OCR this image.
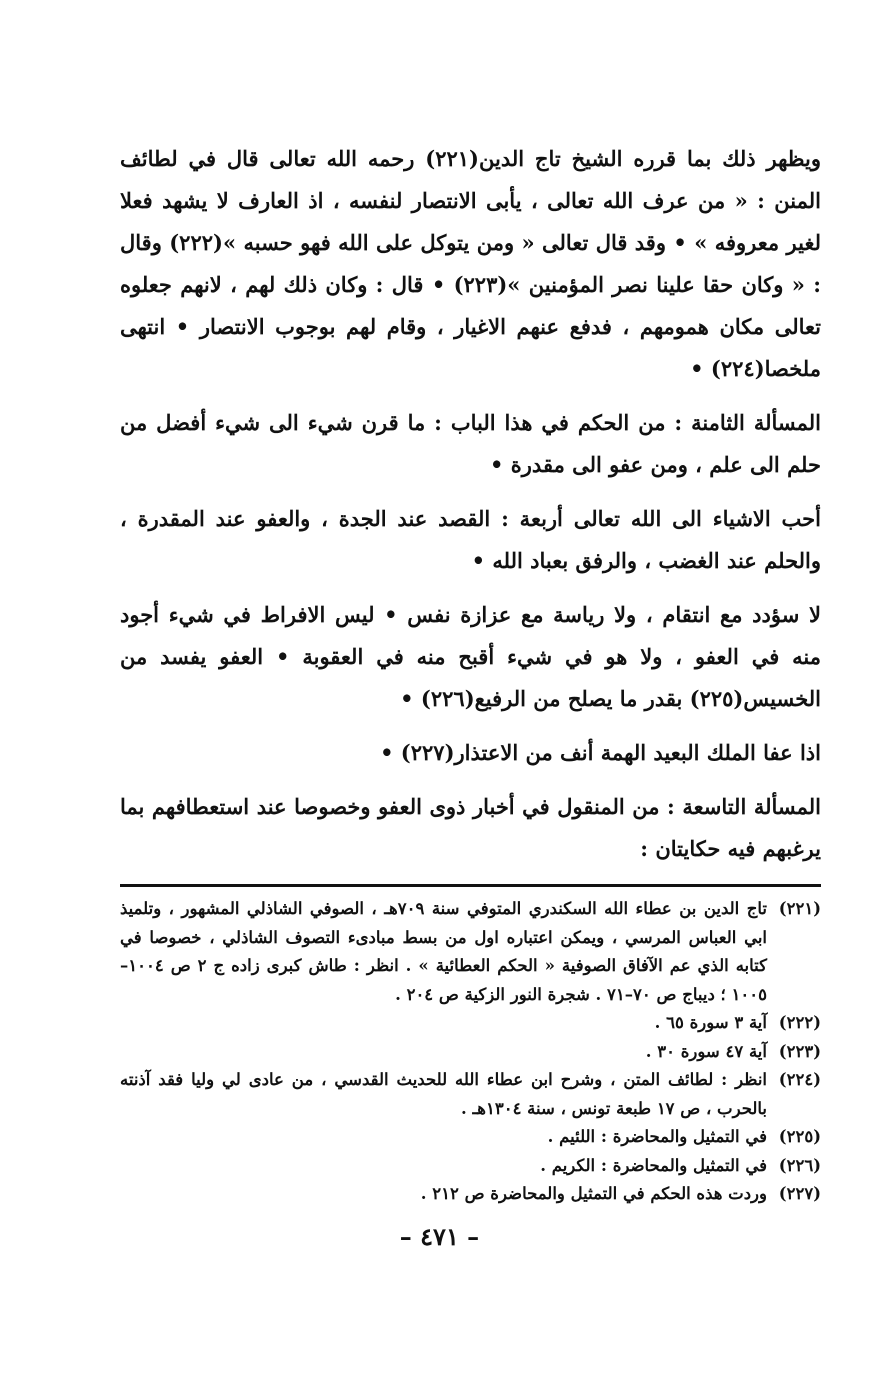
ويظهر ذلك بما قرره الشيخ تاج الدين(٢٢١) رحمه الله تعالى قال في لطائف المنن : « من عرف الله تعالى ، يأبى الانتصار لنفسه ، اذ العارف لا يشهد فعلا لغير معروفه » • وقد قال تعالى « ومن يتوكل على الله فهو حسبه »(٢٢٢) وقال : « وكان حقا علينا نصر المؤمنين »(٢٢٣) • قال : وكان ذلك لهم ، لانهم جعلوه تعالى مكان همومهم ، فدفع عنهم الاغيار ، وقام لهم بوجوب الانتصار • انتهى ملخصا(٢٢٤) •

المسألة الثامنة : من الحكم في هذا الباب : ما قرن شيء الى شيء أفضل من حلم الى علم ، ومن عفو الى مقدرة •

أحب الاشياء الى الله تعالى أربعة : القصد عند الجدة ، والعفو عند المقدرة ، والحلم عند الغضب ، والرفق بعباد الله •

لا سؤدد مع انتقام ، ولا رياسة مع عزازة نفس • ليس الافراط في شيء أجود منه في العفو ، ولا هو في شيء أقبح منه في العقوبة • العفو يفسد من الخسيس(٢٢٥) بقدر ما يصلح من الرفيع(٢٢٦) •

اذا عفا الملك البعيد الهمة أنف من الاعتذار(٢٢٧) •

المسألة التاسعة : من المنقول في أخبار ذوى العفو وخصوصا عند استعطافهم بما يرغبهم فيه حكايتان :

(٢٢١)
تاج الدين بن عطاء الله السكندري المتوفي سنة ٧٠٩هـ ، الصوفي الشاذلي المشهور ، وتلميذ ابي العباس المرسي ، ويمكن اعتباره اول من بسط مبادىء التصوف الشاذلي ، خصوصا في كتابه الذي عم الآفاق الصوفية « الحكم العطائية » . انظر : طاش كبرى زاده ج ٢ ص ١٠٠٤–١٠٠٥ ؛ ديباج ص ٧٠–٧١ . شجرة النور الزكية ص ٢٠٤ .
(٢٢٢)
آية ٣ سورة ٦٥ .
(٢٢٣)
آية ٤٧ سورة ٣٠ .
(٢٢٤)
انظر : لطائف المتن ، وشرح ابن عطاء الله للحديث القدسي ، من عادى لي وليا فقد آذنته بالحرب ، ص ١٧ طبعة تونس ، سنة ١٣٠٤هـ .
(٢٢٥)
في التمثيل والمحاضرة : اللئيم .
(٢٢٦)
في التمثيل والمحاضرة : الكريم .
(٢٢٧)
وردت هذه الحكم في التمثيل والمحاضرة ص ٢١٢ .
– ٤٧١ –
